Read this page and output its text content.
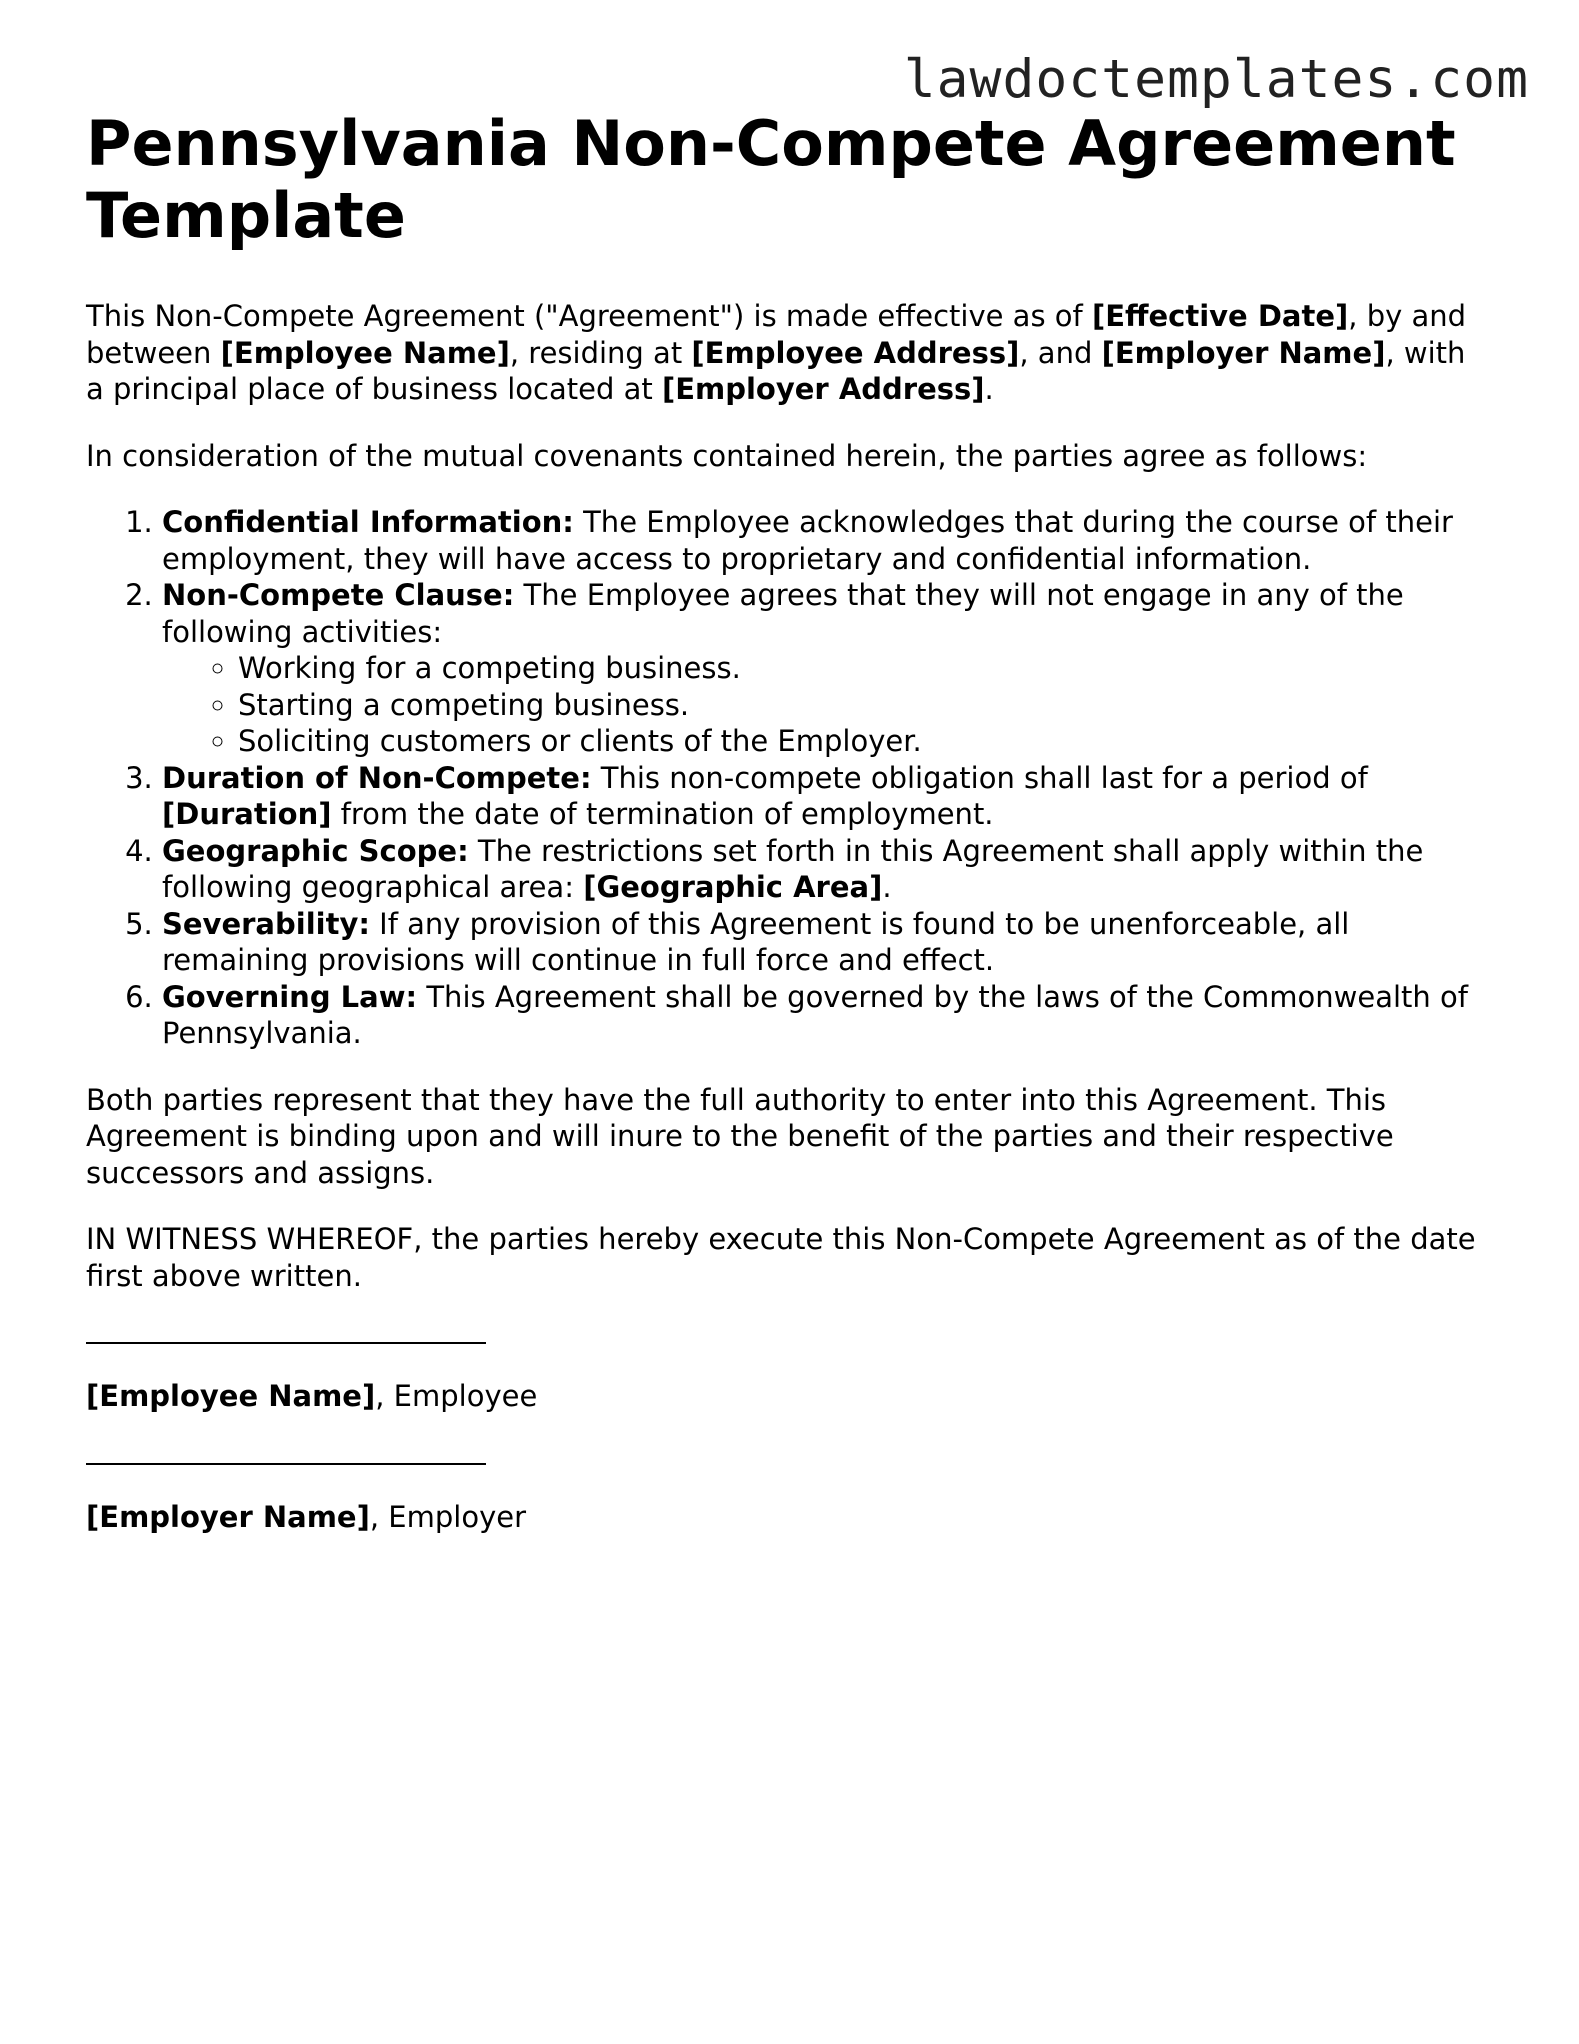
lawdoctemplates.com
Pennsylvania Non-Compete Agreement Template

This Non-Compete Agreement ("Agreement") is made effective as of [Effective Date], by and between [Employee Name], residing at [Employee Address], and [Employer Name], with a principal place of business located at [Employer Address].

In consideration of the mutual covenants contained herein, the parties agree as follows:

1. Confidential Information: The Employee acknowledges that during the course of their employment, they will have access to proprietary and confidential information.
2. Non-Compete Clause: The Employee agrees that they will not engage in any of the following activities:
◦ Working for a competing business.
◦ Starting a competing business.
◦ Soliciting customers or clients of the Employer.
3. Duration of Non-Compete: This non-compete obligation shall last for a period of [Duration] from the date of termination of employment.
4. Geographic Scope: The restrictions set forth in this Agreement shall apply within the following geographical area: [Geographic Area].
5. Severability: If any provision of this Agreement is found to be unenforceable, all remaining provisions will continue in full force and effect.
6. Governing Law: This Agreement shall be governed by the laws of the Commonwealth of Pennsylvania.

Both parties represent that they have the full authority to enter into this Agreement. This Agreement is binding upon and will inure to the benefit of the parties and their respective successors and assigns.

IN WITNESS WHEREOF, the parties hereby execute this Non-Compete Agreement as of the date first above written.

[Employee Name], Employee

[Employer Name], Employer
